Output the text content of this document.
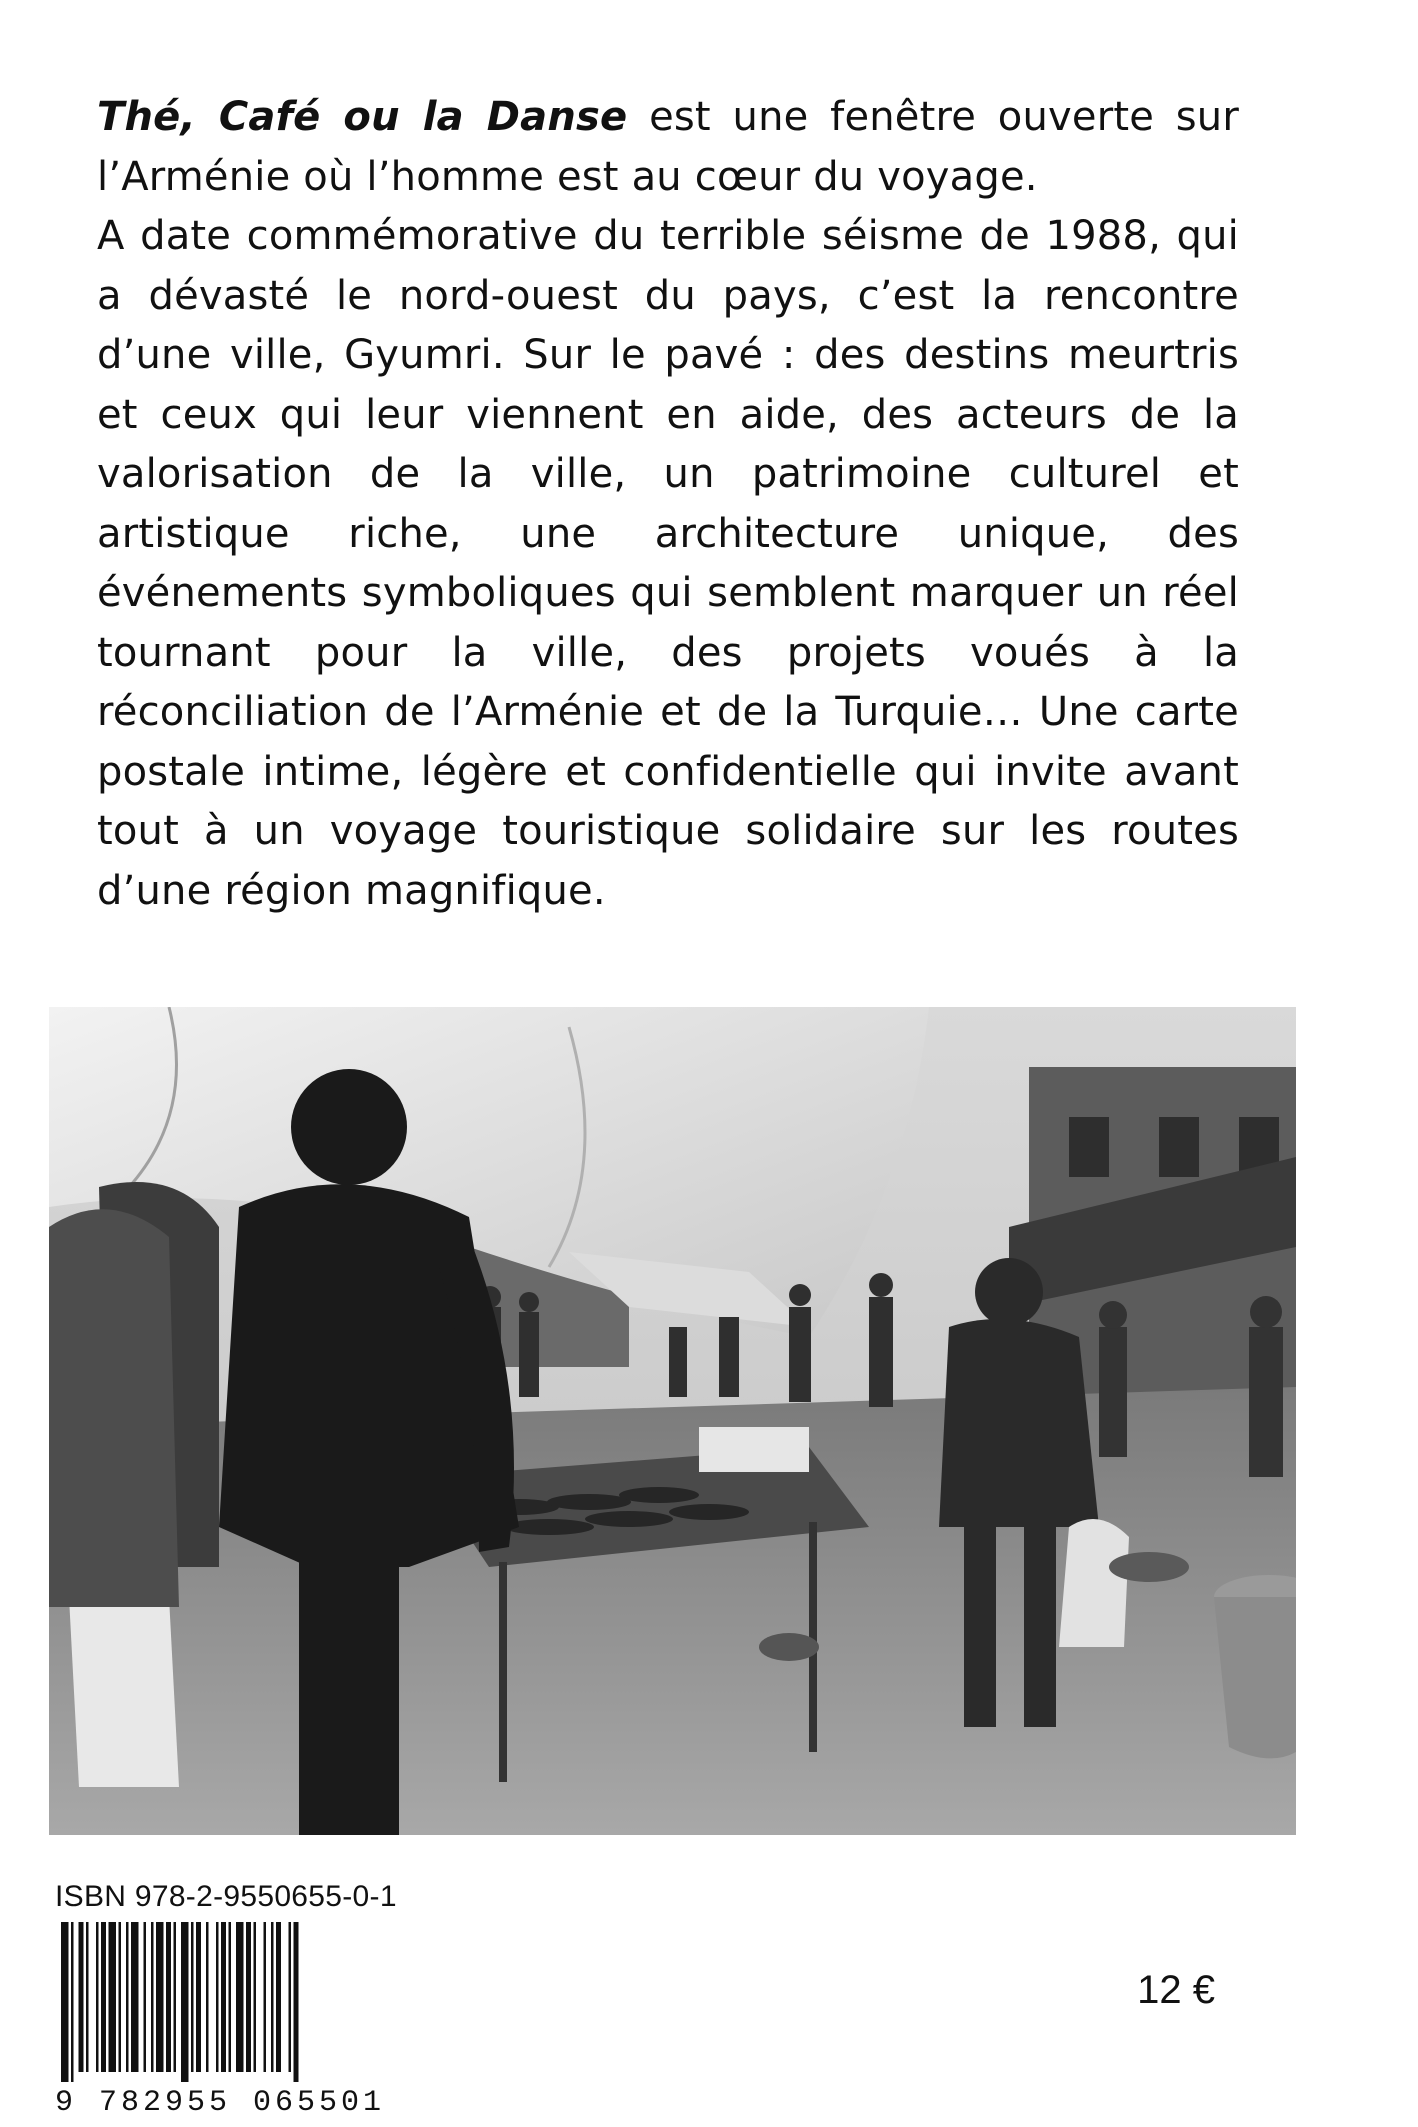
Thé, Café ou la Danse est une fenêtre ouverte sur l’Arménie où l’homme est au cœur du voyage.

A date commémorative du terrible séisme de 1988, qui a dévasté le nord-ouest du pays, c’est la rencontre d’une ville, Gyumri. Sur le pavé : des destins meurtris et ceux qui leur viennent en aide, des acteurs de la valorisation de la ville, un patrimoine culturel et artistique riche, une architecture unique, des événements symboliques qui semblent marquer un réel tournant pour la ville, des projets voués à la réconciliation de l’Arménie et de la Turquie… Une carte postale intime, légère et confidentielle qui invite avant tout à un voyage touristique solidaire sur les routes d’une région magnifique.

ISBN 978-2-9550655-0-1
9 782955 065501
12 €
